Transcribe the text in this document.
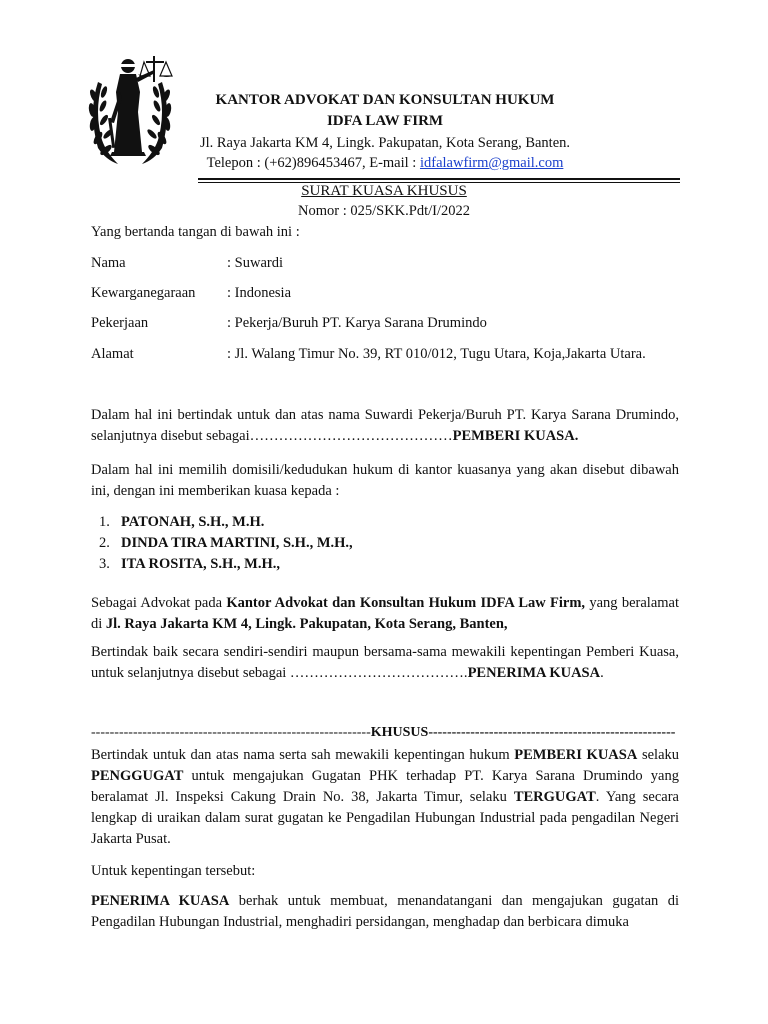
KANTOR ADVOKAT DAN KONSULTAN HUKUM
IDFA LAW FIRM
Jl. Raya Jakarta KM 4, Lingk. Pakupatan, Kota Serang, Banten.
Telepon : (+62)896453467, E-mail : idfalawfirm@gmail.com
SURAT KUASA KHUSUS
Nomor : 025/SKK.Pdt/I/2022
Yang bertanda tangan di bawah ini :
Nama	: Suwardi
Kewarganegaraan : Indonesia
Pekerjaan	: Pekerja/Buruh PT. Karya Sarana Drumindo
Alamat	: Jl. Walang Timur No. 39, RT 010/012, Tugu Utara, Koja,Jakarta Utara.
Dalam hal ini bertindak untuk dan atas nama Suwardi Pekerja/Buruh PT. Karya Sarana Drumindo, selanjutnya disebut sebagai……………………………………PEMBERI KUASA.
Dalam hal ini memilih domisili/kedudukan hukum di kantor kuasanya yang akan disebut dibawah ini, dengan ini memberikan kuasa kepada :
1. PATONAH, S.H., M.H.
2. DINDA TIRA MARTINI, S.H., M.H.,
3. ITA ROSITA, S.H., M.H.,
Sebagai Advokat pada Kantor Advokat dan Konsultan Hukum IDFA Law Firm, yang beralamat di Jl. Raya Jakarta KM 4, Lingk. Pakupatan, Kota Serang, Banten,
Bertindak baik secara sendiri-sendiri maupun bersama-sama mewakili kepentingan Pemberi Kuasa, untuk selanjutnya disebut sebagai ……………………………….PENERIMA KUASA.
------------------------------------------------------------KHUSUS-----------------------------------------------------
Bertindak untuk dan atas nama serta sah mewakili kepentingan hukum PEMBERI KUASA selaku PENGGUGAT untuk mengajukan Gugatan PHK terhadap PT. Karya Sarana Drumindo yang beralamat Jl. Inspeksi Cakung Drain No. 38, Jakarta Timur, selaku TERGUGAT. Yang secara lengkap di uraikan dalam surat gugatan ke Pengadilan Hubungan Industrial pada pengadilan Negeri Jakarta Pusat.
Untuk kepentingan tersebut:
PENERIMA KUASA berhak untuk membuat, menandatangani dan mengajukan gugatan di Pengadilan Hubungan Industrial, menghadiri persidangan, menghadap dan berbicara dimuka
